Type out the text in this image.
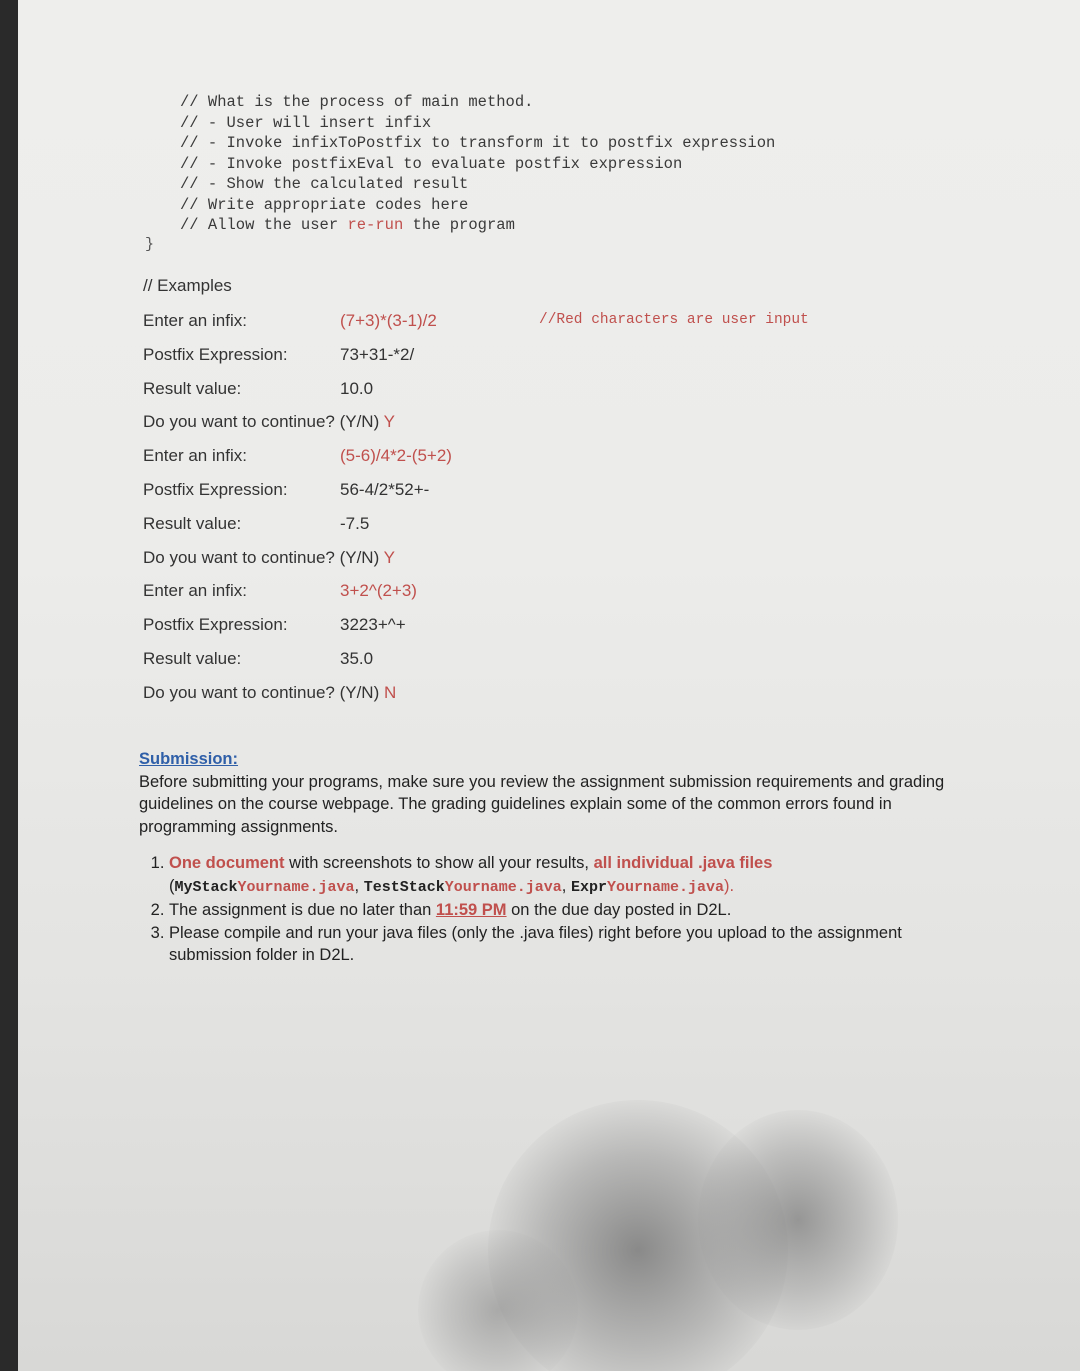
// What is the process of main method.
// - User will insert infix
// - Invoke infixToPostfix to transform it to postfix expression
// - Invoke postfixEval to evaluate postfix expression
// - Show the calculated result
// Write appropriate codes here
// Allow the user re-run the program
}
// Examples
Enter an infix:	(7+3)*(3-1)/2	//Red characters are user input
Postfix Expression:	73+31-*2/
Result value:	10.0
Do you want to continue? (Y/N) Y
Enter an infix:	(5-6)/4*2-(5+2)
Postfix Expression:	56-4/2*52+-
Result value:	-7.5
Do you want to continue? (Y/N) Y
Enter an infix:	3+2^(2+3)
Postfix Expression:	3223+^+
Result value:	35.0
Do you want to continue? (Y/N) N
Submission:

Before submitting your programs, make sure you review the assignment submission requirements and grading guidelines on the course webpage. The grading guidelines explain some of the common errors found in programming assignments.

1. One document with screenshots to show all your results, all individual .java files
(MyStackYourname.java, TestStackYourname.java, ExprYourname.java).
2. The assignment is due no later than 11:59 PM on the due day posted in D2L.
3. Please compile and run your java files (only the .java files) right before you upload to the assignment submission folder in D2L.
